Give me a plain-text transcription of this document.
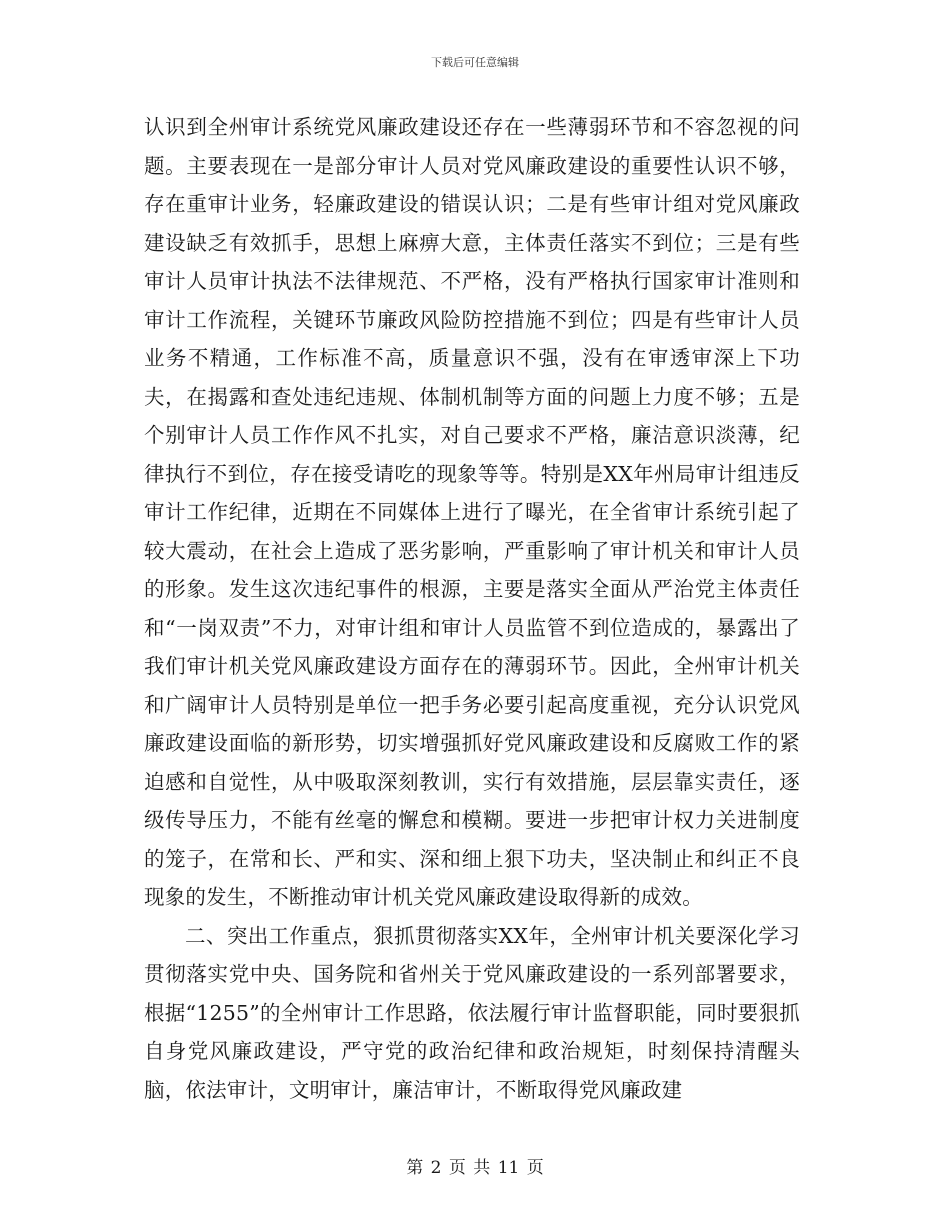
下载后可任意编辑

认识到全州审计系统党风廉政建设还存在一些薄弱环节和不容忽视的问题。主要表现在一是部分审计人员对党风廉政建设的重要性认识不够，存在重审计业务，轻廉政建设的错误认识；二是有些审计组对党风廉政建设缺乏有效抓手，思想上麻痹大意，主体责任落实不到位；三是有些审计人员审计执法不法律规范、不严格，没有严格执行国家审计准则和审计工作流程，关键环节廉政风险防控措施不到位；四是有些审计人员业务不精通，工作标准不高，质量意识不强，没有在审透审深上下功夫，在揭露和查处违纪违规、体制机制等方面的问题上力度不够；五是个别审计人员工作作风不扎实，对自己要求不严格，廉洁意识淡薄，纪律执行不到位，存在接受请吃的现象等等。特别是XX年州局审计组违反审计工作纪律，近期在不同媒体上进行了曝光，在全省审计系统引起了较大震动，在社会上造成了恶劣影响，严重影响了审计机关和审计人员的形象。发生这次违纪事件的根源，主要是落实全面从严治党主体责任和“一岗双责”不力，对审计组和审计人员监管不到位造成的，暴露出了我们审计机关党风廉政建设方面存在的薄弱环节。因此，全州审计机关和广阔审计人员特别是单位一把手务必要引起高度重视，充分认识党风廉政建设面临的新形势，切实增强抓好党风廉政建设和反腐败工作的紧迫感和自觉性，从中吸取深刻教训，实行有效措施，层层靠实责任，逐级传导压力，不能有丝毫的懈怠和模糊。要进一步把审计权力关进制度的笼子，在常和长、严和实、深和细上狠下功夫，坚决制止和纠正不良现象的发生，不断推动审计机关党风廉政建设取得新的成效。

二、突出工作重点，狠抓贯彻落实XX年，全州审计机关要深化学习贯彻落实党中央、国务院和省州关于党风廉政建设的一系列部署要求，根据“1255”的全州审计工作思路，依法履行审计监督职能，同时要狠抓自身党风廉政建设，严守党的政治纪律和政治规矩，时刻保持清醒头脑，依法审计，文明审计，廉洁审计，不断取得党风廉政建

第 2 页 共 11 页
